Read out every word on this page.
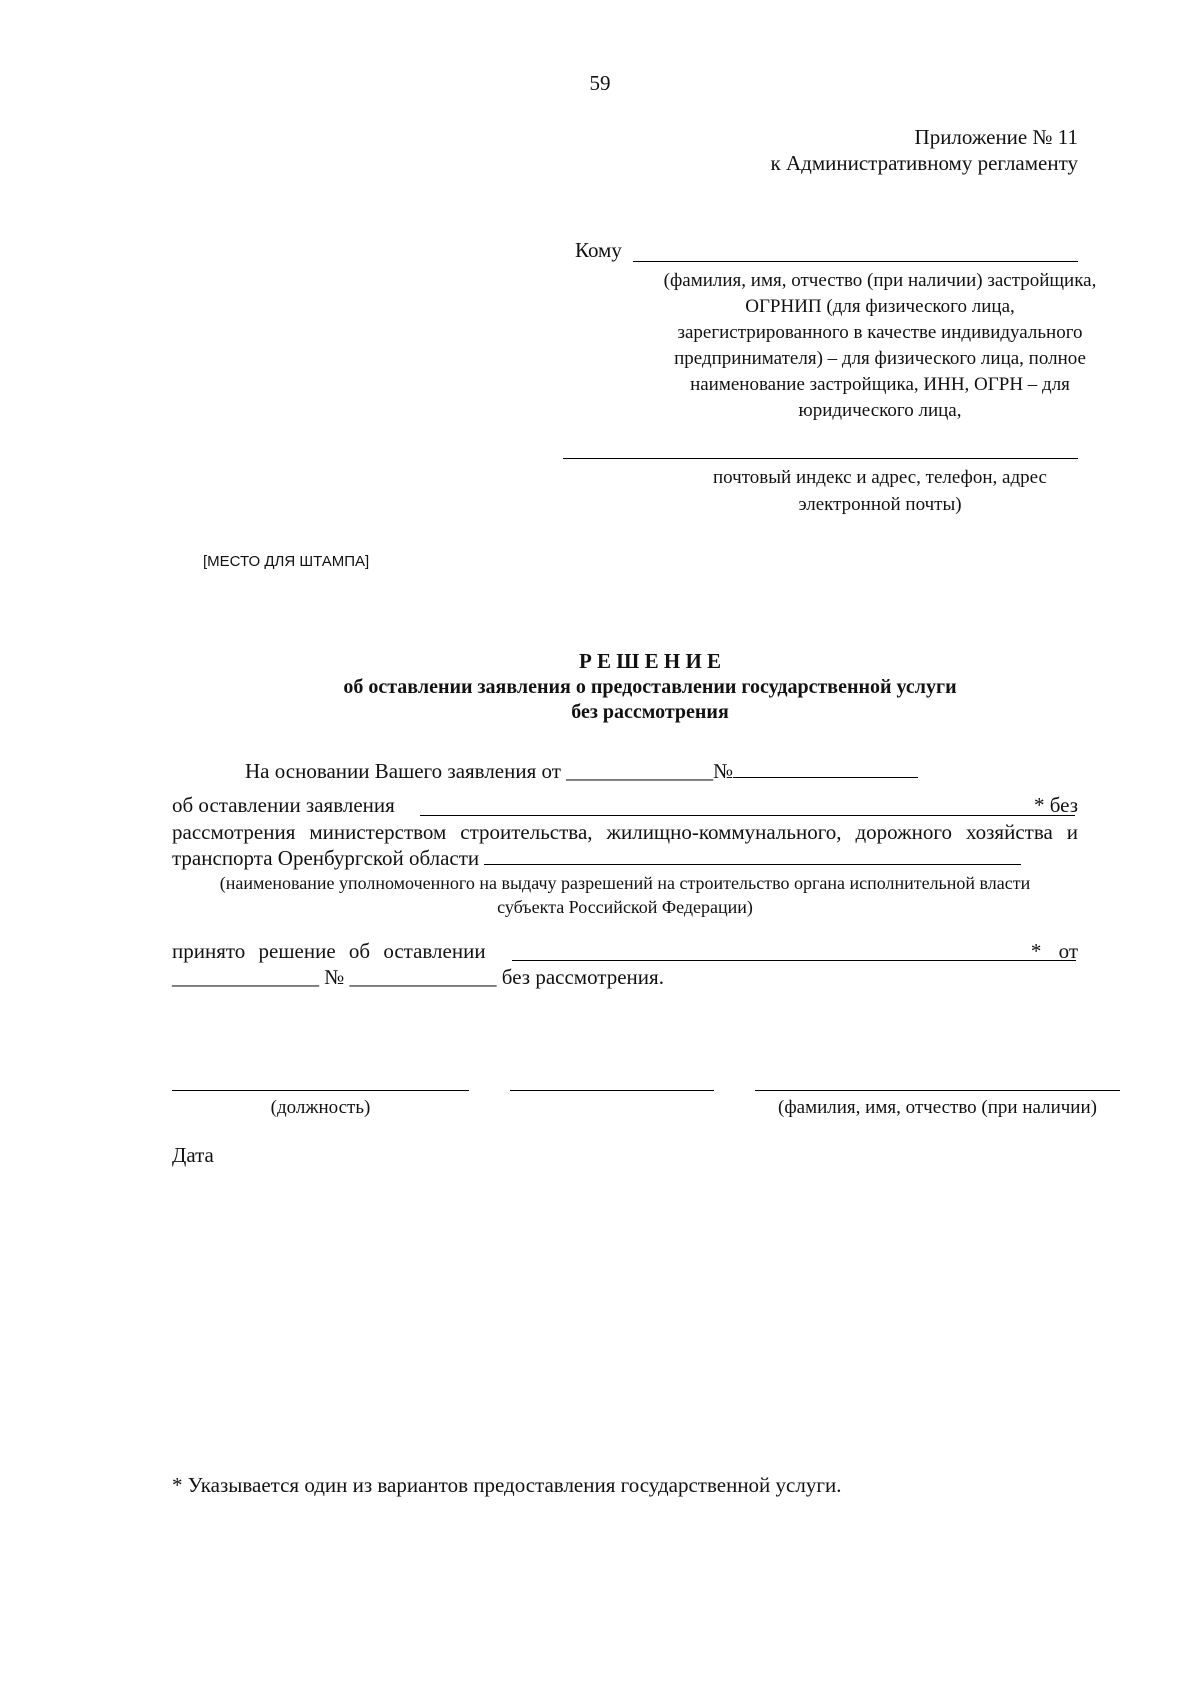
59
Приложение № 11
к Административному регламенту
Кому
(фамилия, имя, отчество (при наличии) застройщика,
ОГРНИП (для физического лица,
зарегистрированного в качестве индивидуального
предпринимателя) – для физического лица, полное
наименование застройщика, ИНН, ОГРН – для
юридического лица,
почтовый индекс и адрес, телефон, адрес
электронной почты)
[МЕСТО ДЛЯ ШТАМПА]
Р Е Ш Е Н И Е
об оставлении заявления о предоставлении государственной услуги
без рассмотрения
На основании Вашего заявления от ______________№
об оставлении заявления	* без
рассмотрения министерством строительства, жилищно-коммунального, дорожного хозяйства и
транспорта Оренбургской области
(наименование уполномоченного на выдачу разрешений на строительство органа исполнительной власти
субъекта Российской Федерации)
принято решение об оставлении	* от
______________ № ______________ без рассмотрения.
(должность)	(фамилия, имя, отчество (при наличии)
Дата
* Указывается один из вариантов предоставления государственной услуги.
